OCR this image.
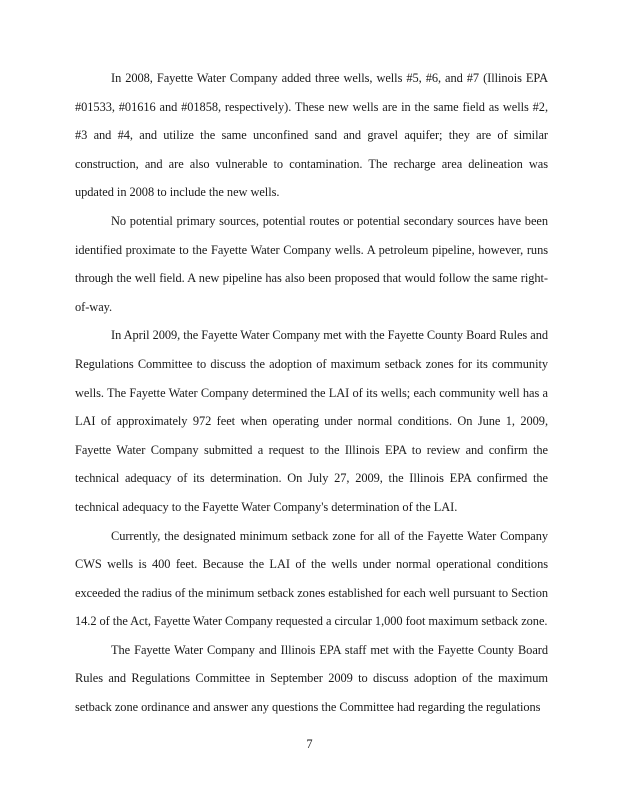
In 2008, Fayette Water Company added three wells, wells #5, #6, and #7 (Illinois EPA #01533, #01616 and #01858, respectively). These new wells are in the same field as wells #2, #3 and #4, and utilize the same unconfined sand and gravel aquifer; they are of similar construction, and are also vulnerable to contamination. The recharge area delineation was updated in 2008 to include the new wells.

No potential primary sources, potential routes or potential secondary sources have been identified proximate to the Fayette Water Company wells. A petroleum pipeline, however, runs through the well field. A new pipeline has also been proposed that would follow the same right-of-way.

In April 2009, the Fayette Water Company met with the Fayette County Board Rules and Regulations Committee to discuss the adoption of maximum setback zones for its community wells. The Fayette Water Company determined the LAI of its wells; each community well has a LAI of approximately 972 feet when operating under normal conditions. On June 1, 2009, Fayette Water Company submitted a request to the Illinois EPA to review and confirm the technical adequacy of its determination. On July 27, 2009, the Illinois EPA confirmed the technical adequacy to the Fayette Water Company's determination of the LAI.

Currently, the designated minimum setback zone for all of the Fayette Water Company CWS wells is 400 feet. Because the LAI of the wells under normal operational conditions exceeded the radius of the minimum setback zones established for each well pursuant to Section 14.2 of the Act, Fayette Water Company requested a circular 1,000 foot maximum setback zone.

The Fayette Water Company and Illinois EPA staff met with the Fayette County Board Rules and Regulations Committee in September 2009 to discuss adoption of the maximum setback zone ordinance and answer any questions the Committee had regarding the regulations

7
